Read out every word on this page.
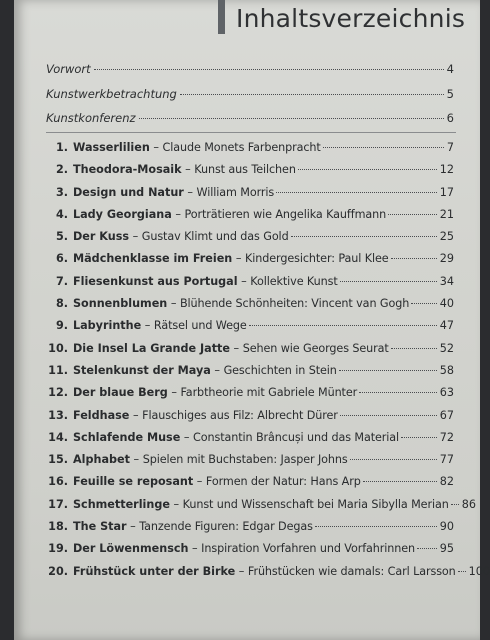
Inhaltsverzeichnis
Vorwort	4
Kunstwerkbetrachtung	5
Kunstkonferenz	6
1. Wasserlilien – Claude Monets Farbenpracht	7
2. Theodora-Mosaik – Kunst aus Teilchen	12
3. Design und Natur – William Morris	17
4. Lady Georgiana – Porträtieren wie Angelika Kauffmann	21
5. Der Kuss – Gustav Klimt und das Gold	25
6. Mädchenklasse im Freien – Kindergesichter: Paul Klee	29
7. Fliesenkunst aus Portugal – Kollektive Kunst	34
8. Sonnenblumen – Blühende Schönheiten: Vincent van Gogh	40
9. Labyrinthe – Rätsel und Wege	47
10. Die Insel La Grande Jatte – Sehen wie Georges Seurat	52
11. Stelenkunst der Maya – Geschichten in Stein	58
12. Der blaue Berg – Farbtheorie mit Gabriele Münter	63
13. Feldhase – Flauschiges aus Filz: Albrecht Dürer	67
14. Schlafende Muse – Constantin Brâncuși und das Material	72
15. Alphabet – Spielen mit Buchstaben: Jasper Johns	77
16. Feuille se reposant – Formen der Natur: Hans Arp	82
17. Schmetterlinge – Kunst und Wissenschaft bei Maria Sibylla Merian 86
18. The Star – Tanzende Figuren: Edgar Degas	90
19. Der Löwenmensch – Inspiration Vorfahren und Vorfahrinnen 95
20. Frühstück unter der Birke – Frühstücken wie damals: Carl Larsson 100
